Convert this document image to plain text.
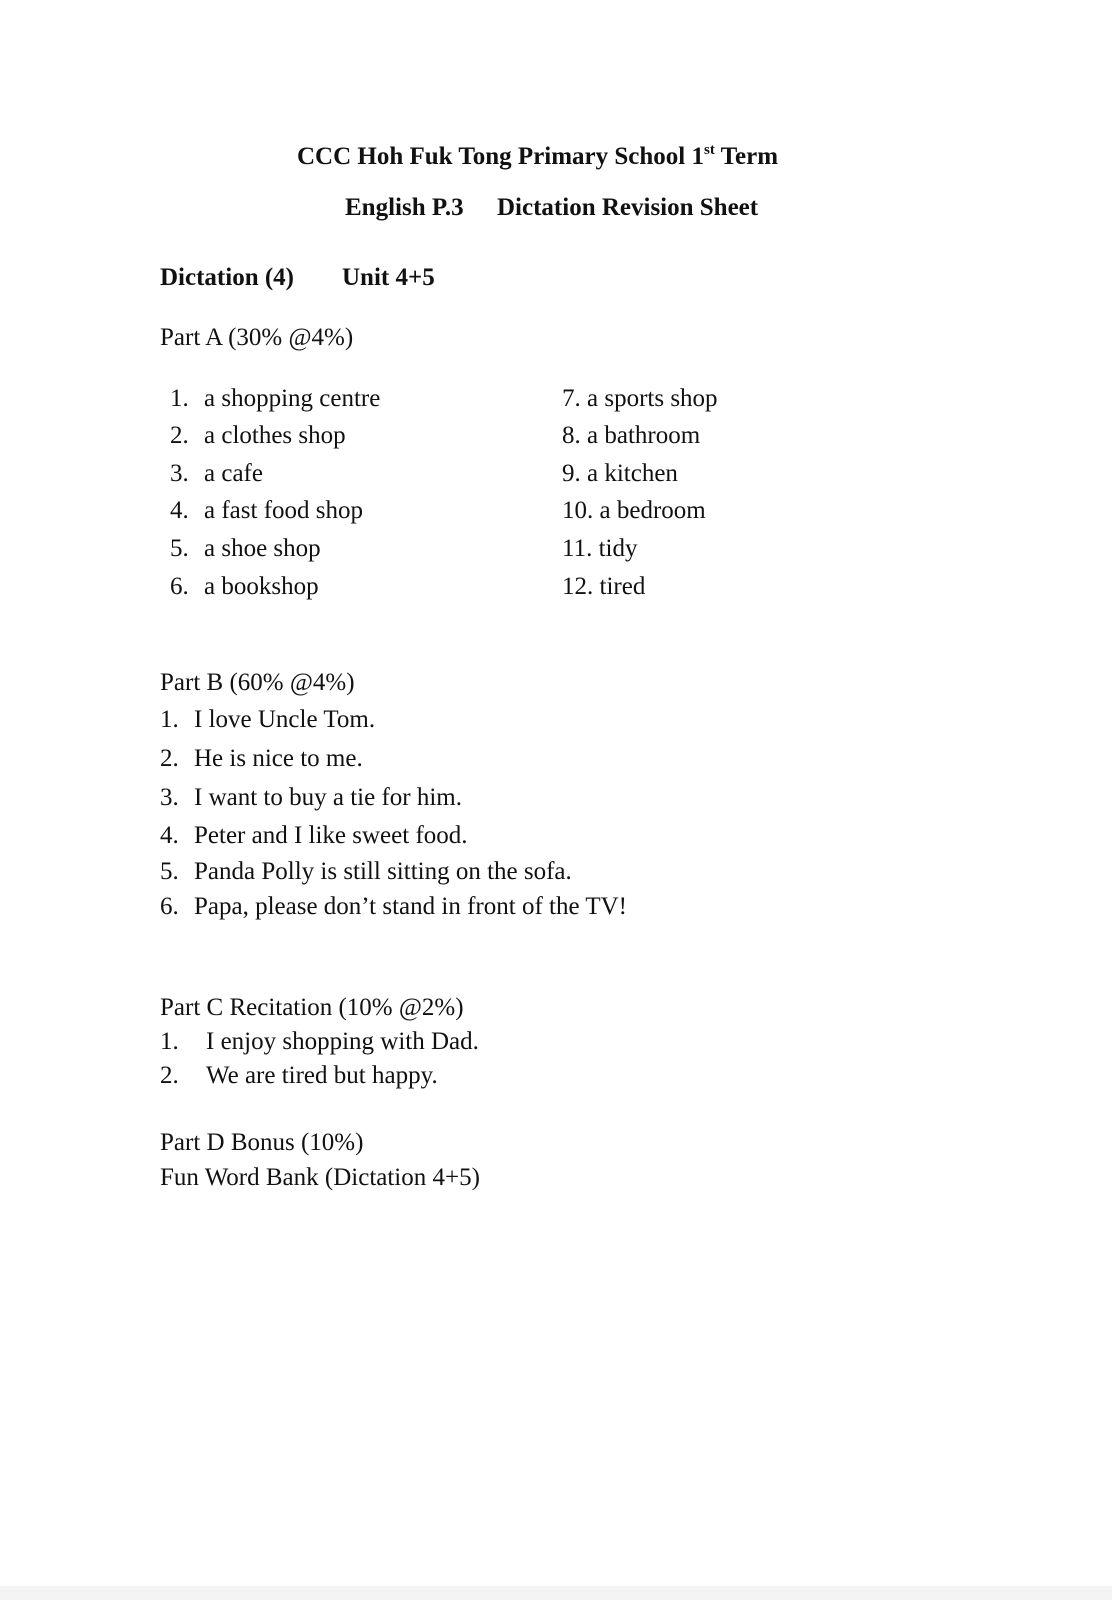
CCC Hoh Fuk Tong Primary School 1st Term
English P.3 Dictation Revision Sheet
Dictation (4) Unit 4+5
Part A (30% @4%)
1. a shopping centre
2. a clothes shop
3. a cafe
4. a fast food shop
5. a shoe shop
6. a bookshop
7. a sports shop
8. a bathroom
9. a kitchen
10. a bedroom
11. tidy
12. tired
Part B (60% @4%)
1. I love Uncle Tom.
2. He is nice to me.
3. I want to buy a tie for him.
4. Peter and I like sweet food.
5. Panda Polly is still sitting on the sofa.
6. Papa, please don’t stand in front of the TV!
Part C Recitation (10% @2%)
1. I enjoy shopping with Dad.
2. We are tired but happy.
Part D Bonus (10%)
Fun Word Bank (Dictation 4+5)
